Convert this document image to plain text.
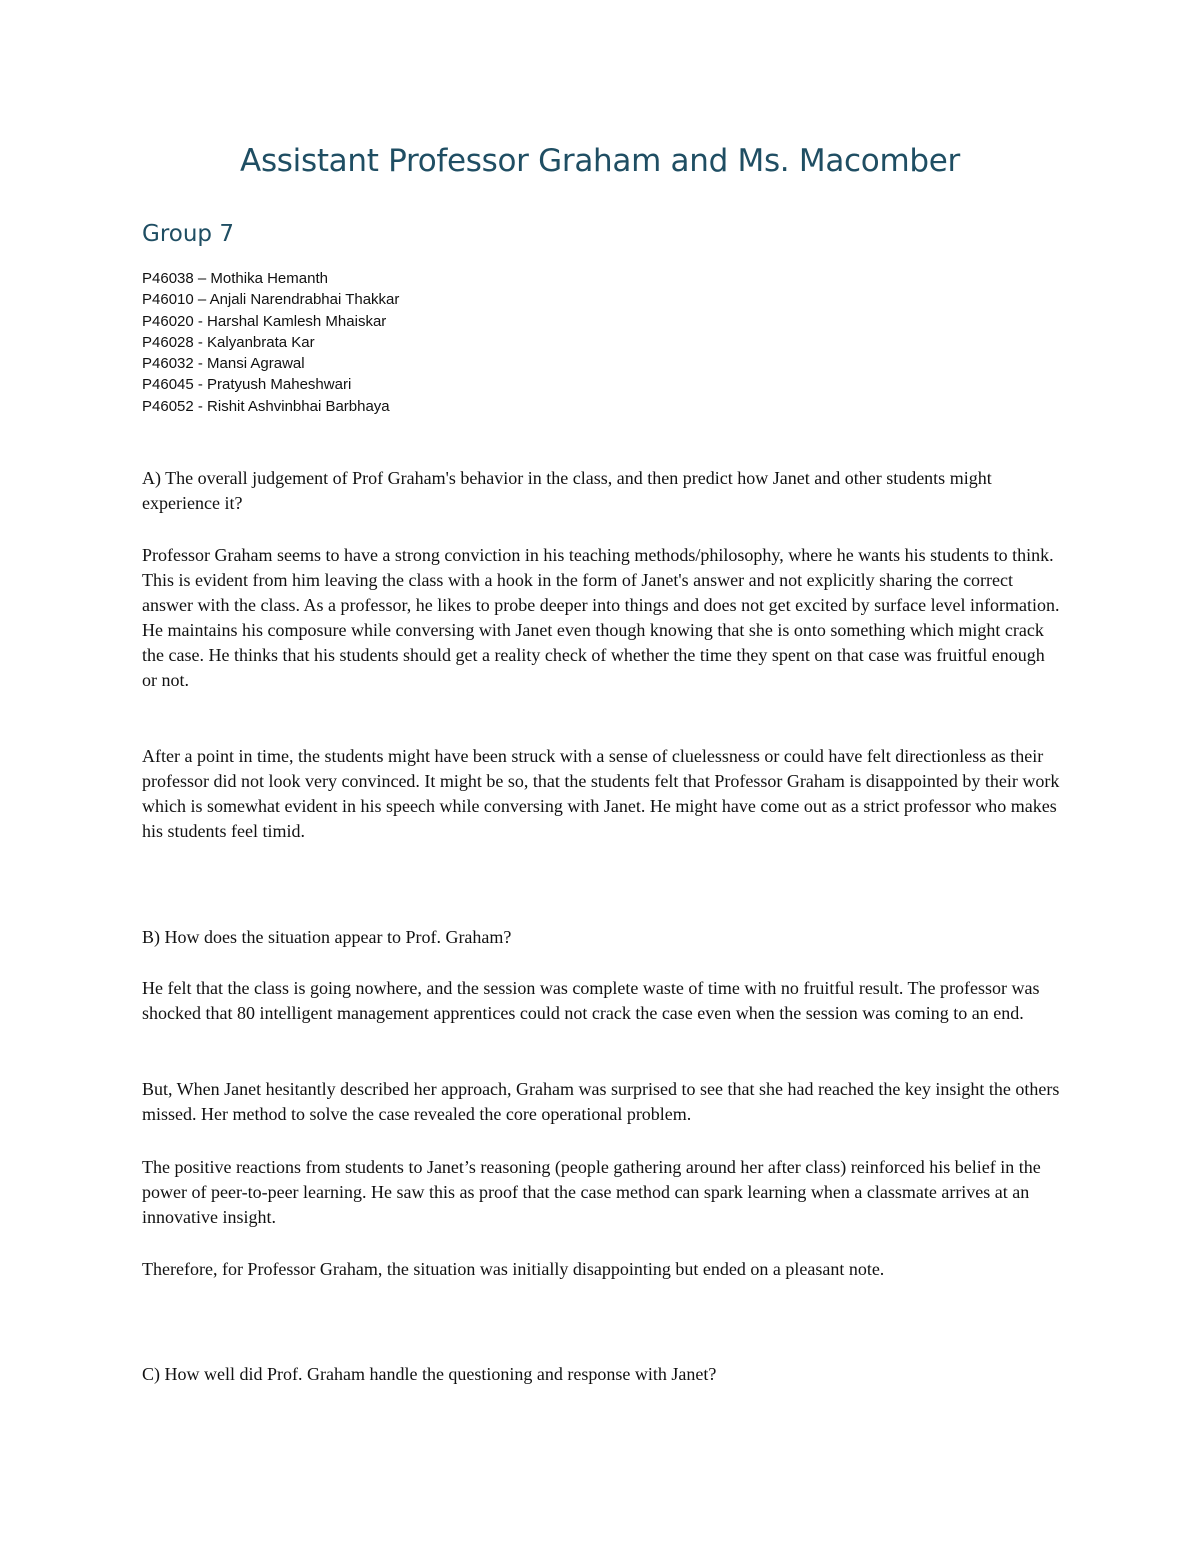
Assistant Professor Graham and Ms. Macomber
Group 7
P46038 – Mothika Hemanth
P46010 – Anjali Narendrabhai Thakkar
P46020 - Harshal Kamlesh Mhaiskar
P46028 - Kalyanbrata Kar
P46032 - Mansi Agrawal
P46045 - Pratyush Maheshwari
P46052 - Rishit Ashvinbhai Barbhaya

A) The overall judgement of Prof Graham's behavior in the class, and then predict how Janet and other students might experience it?

Professor Graham seems to have a strong conviction in his teaching methods/philosophy, where he wants his students to think. This is evident from him leaving the class with a hook in the form of Janet's answer and not explicitly sharing the correct answer with the class. As a professor, he likes to probe deeper into things and does not get excited by surface level information. He maintains his composure while conversing with Janet even though knowing that she is onto something which might crack the case. He thinks that his students should get a reality check of whether the time they spent on that case was fruitful enough or not.

After a point in time, the students might have been struck with a sense of cluelessness or could have felt directionless as their professor did not look very convinced. It might be so, that the students felt that Professor Graham is disappointed by their work which is somewhat evident in his speech while conversing with Janet. He might have come out as a strict professor who makes his students feel timid.

B) How does the situation appear to Prof. Graham?

He felt that the class is going nowhere, and the session was complete waste of time with no fruitful result. The professor was shocked that 80 intelligent management apprentices could not crack the case even when the session was coming to an end.

But, When Janet hesitantly described her approach, Graham was surprised to see that she had reached the key insight the others missed. Her method to solve the case revealed the core operational problem.

The positive reactions from students to Janet’s reasoning (people gathering around her after class) reinforced his belief in the power of peer-to-peer learning. He saw this as proof that the case method can spark learning when a classmate arrives at an innovative insight.

Therefore, for Professor Graham, the situation was initially disappointing but ended on a pleasant note.

C) How well did Prof. Graham handle the questioning and response with Janet?
